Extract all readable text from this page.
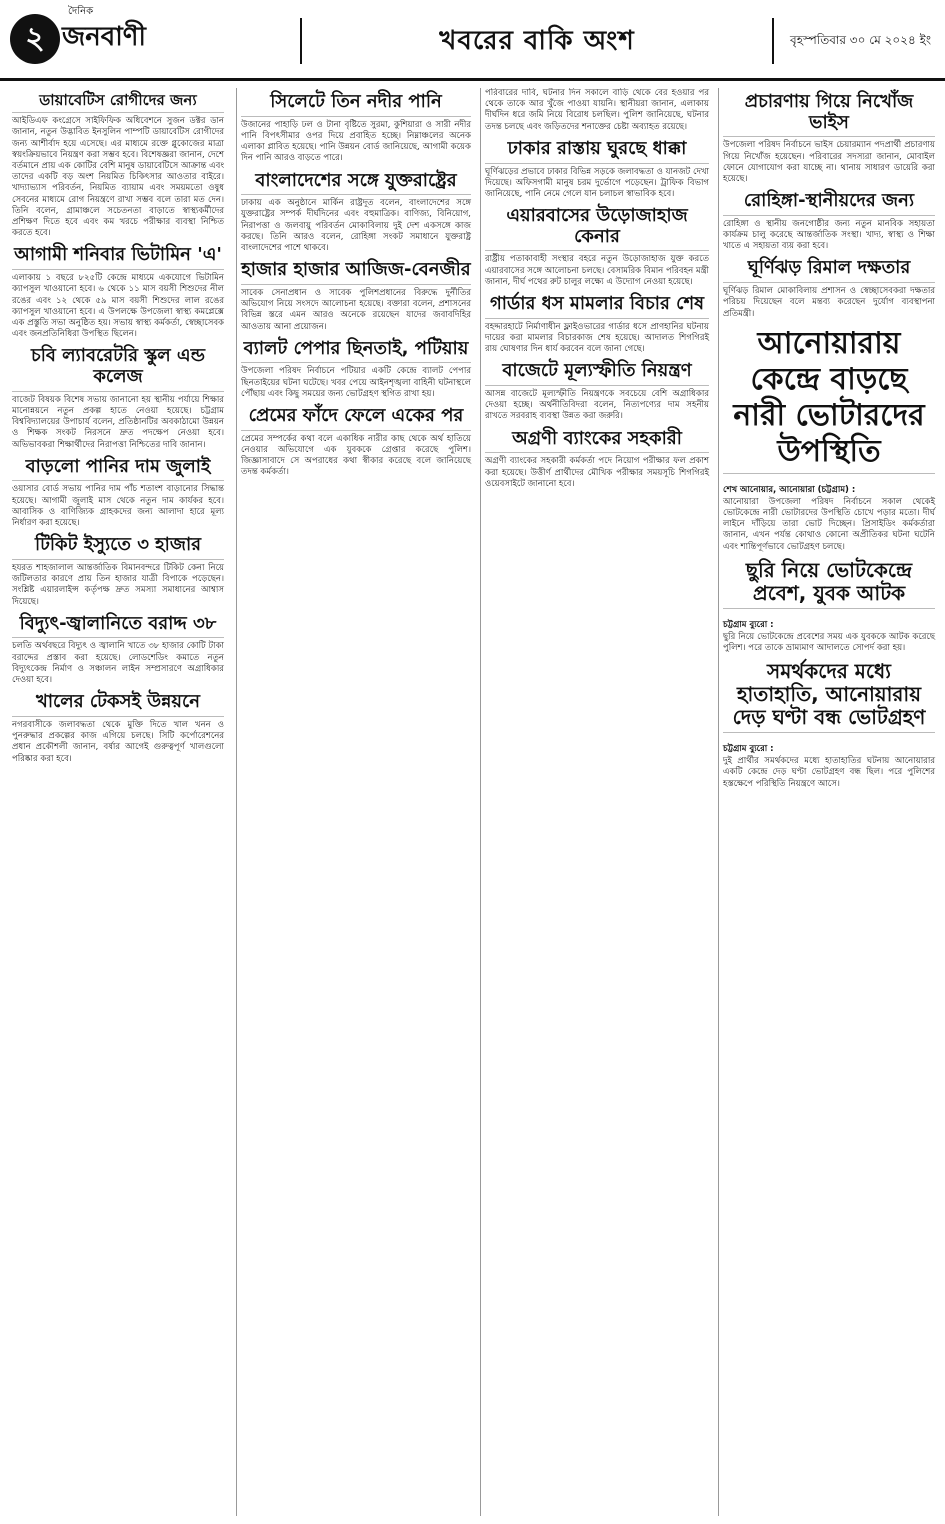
২
দৈনিক
জনবাণী	খবরের বাকি অংশ	বৃহস্পতিবার ৩০ মে ২০২৪ ইং
ডায়াবেটিস রোগীদের জন্য

আইডিএফ কংগ্রেসে সাইফিফিক অধিবেশনে সুজন ডক্টর ডান জানান, নতুন উদ্ভাবিত ইনসুলিন পাম্পটি ডায়াবেটিস রোগীদের জন্য আশীর্বাদ হয়ে এসেছে। এর মাধ্যমে রক্তে গ্লুকোজের মাত্রা স্বয়ংক্রিয়ভাবে নিয়ন্ত্রণ করা সম্ভব হবে। বিশেষজ্ঞরা জানান, দেশে বর্তমানে প্রায় এক কোটির বেশি মানুষ ডায়াবেটিসে আক্রান্ত এবং তাদের একটি বড় অংশ নিয়মিত চিকিৎসার আওতার বাইরে। খাদ্যাভ্যাস পরিবর্তন, নিয়মিত ব্যায়াম এবং সময়মতো ওষুধ সেবনের মাধ্যমে রোগ নিয়ন্ত্রণে রাখা সম্ভব বলে তারা মত দেন। তিনি বলেন, গ্রামাঞ্চলে সচেতনতা বাড়াতে স্বাস্থ্যকর্মীদের প্রশিক্ষণ দিতে হবে এবং কম খরচে পরীক্ষার ব্যবস্থা নিশ্চিত করতে হবে।

আগামী শনিবার ভিটামিন 'এ'

এলাকায় ১ বছরে ৮২৫টি কেন্দ্রে মাধ্যমে একযোগে ভিটামিন ক্যাপসুল খাওয়ানো হবে। ৬ থেকে ১১ মাস বয়সী শিশুদের নীল রঙের এবং ১২ থেকে ৫৯ মাস বয়সী শিশুদের লাল রঙের ক্যাপসুল খাওয়ানো হবে। এ উপলক্ষে উপজেলা স্বাস্থ্য কমপ্লেক্সে এক প্রস্তুতি সভা অনুষ্ঠিত হয়। সভায় স্বাস্থ্য কর্মকর্তা, স্বেচ্ছাসেবক এবং জনপ্রতিনিধিরা উপস্থিত ছিলেন।

চবি ল্যাবরেটরি স্কুল এন্ড কলেজ

বাজেট বিষয়ক বিশেষ সভায় জানানো হয় স্থানীয় পর্যায়ে শিক্ষার মানোন্নয়নে নতুন প্রকল্প হাতে নেওয়া হয়েছে। চট্টগ্রাম বিশ্ববিদ্যালয়ের উপাচার্য বলেন, প্রতিষ্ঠানটির অবকাঠামো উন্নয়ন ও শিক্ষক সংকট নিরসনে দ্রুত পদক্ষেপ নেওয়া হবে। অভিভাবকরা শিক্ষার্থীদের নিরাপত্তা নিশ্চিতের দাবি জানান।

বাড়লো পানির দাম জুলাই

ওয়াসার বোর্ড সভায় পানির দাম পাঁচ শতাংশ বাড়ানোর সিদ্ধান্ত হয়েছে। আগামী জুলাই মাস থেকে নতুন দাম কার্যকর হবে। আবাসিক ও বাণিজ্যিক গ্রাহকদের জন্য আলাদা হারে মূল্য নির্ধারণ করা হয়েছে।

টিকিট ইস্যুতে ৩ হাজার

হযরত শাহজালাল আন্তর্জাতিক বিমানবন্দরে টিকিট কেনা নিয়ে জটিলতার কারণে প্রায় তিন হাজার যাত্রী বিপাকে পড়েছেন। সংশ্লিষ্ট এয়ারলাইন্স কর্তৃপক্ষ দ্রুত সমস্যা সমাধানের আশ্বাস দিয়েছে।

বিদ্যুৎ-জ্বালানিতে বরাদ্দ ৩৮

চলতি অর্থবছরে বিদ্যুৎ ও জ্বালানি খাতে ৩৮ হাজার কোটি টাকা বরাদ্দের প্রস্তাব করা হয়েছে। লোডশেডিং কমাতে নতুন বিদ্যুৎকেন্দ্র নির্মাণ ও সঞ্চালন লাইন সম্প্রসারণে অগ্রাধিকার দেওয়া হবে।

খালের টেকসই উন্নয়নে

নগরবাসীকে জলাবদ্ধতা থেকে মুক্তি দিতে খাল খনন ও পুনরুদ্ধার প্রকল্পের কাজ এগিয়ে চলছে। সিটি কর্পোরেশনের প্রধান প্রকৌশলী জানান, বর্ষার আগেই গুরুত্বপূর্ণ খালগুলো পরিষ্কার করা হবে।

সিলেটে তিন নদীর পানি

উজানের পাহাড়ি ঢল ও টানা বৃষ্টিতে সুরমা, কুশিয়ারা ও সারী নদীর পানি বিপৎসীমার ওপর দিয়ে প্রবাহিত হচ্ছে। নিম্নাঞ্চলের অনেক এলাকা প্লাবিত হয়েছে। পানি উন্নয়ন বোর্ড জানিয়েছে, আগামী কয়েক দিন পানি আরও বাড়তে পারে।

বাংলাদেশের সঙ্গে যুক্তরাষ্ট্রের

ঢাকায় এক অনুষ্ঠানে মার্কিন রাষ্ট্রদূত বলেন, বাংলাদেশের সঙ্গে যুক্তরাষ্ট্রের সম্পর্ক দীর্ঘদিনের এবং বহুমাত্রিক। বাণিজ্য, বিনিয়োগ, নিরাপত্তা ও জলবায়ু পরিবর্তন মোকাবিলায় দুই দেশ একসঙ্গে কাজ করছে। তিনি আরও বলেন, রোহিঙ্গা সংকট সমাধানে যুক্তরাষ্ট্র বাংলাদেশের পাশে থাকবে।

হাজার হাজার আজিজ-বেনজীর

সাবেক সেনাপ্রধান ও সাবেক পুলিশপ্রধানের বিরুদ্ধে দুর্নীতির অভিযোগ নিয়ে সংসদে আলোচনা হয়েছে। বক্তারা বলেন, প্রশাসনের বিভিন্ন স্তরে এমন আরও অনেকে রয়েছেন যাদের জবাবদিহির আওতায় আনা প্রয়োজন।

ব্যালট পেপার ছিনতাই, পটিয়ায়

উপজেলা পরিষদ নির্বাচনে পটিয়ার একটি কেন্দ্রে ব্যালট পেপার ছিনতাইয়ের ঘটনা ঘটেছে। খবর পেয়ে আইনশৃঙ্খলা বাহিনী ঘটনাস্থলে পৌঁছায় এবং কিছু সময়ের জন্য ভোটগ্রহণ স্থগিত রাখা হয়।

প্রেমের ফাঁদে ফেলে একের পর

প্রেমের সম্পর্কের কথা বলে একাধিক নারীর কাছ থেকে অর্থ হাতিয়ে নেওয়ার অভিযোগে এক যুবককে গ্রেপ্তার করেছে পুলিশ। জিজ্ঞাসাবাদে সে অপরাধের কথা স্বীকার করেছে বলে জানিয়েছে তদন্ত কর্মকর্তা।

পরিবারের দাবি, ঘটনার দিন সকালে বাড়ি থেকে বের হওয়ার পর থেকে তাকে আর খুঁজে পাওয়া যায়নি। স্থানীয়রা জানান, এলাকায় দীর্ঘদিন ধরে জমি নিয়ে বিরোধ চলছিল। পুলিশ জানিয়েছে, ঘটনার তদন্ত চলছে এবং জড়িতদের শনাক্তের চেষ্টা অব্যাহত রয়েছে।

ঢাকার রাস্তায় ঘুরছে ধাক্কা

ঘূর্ণিঝড়ের প্রভাবে ঢাকার বিভিন্ন সড়কে জলাবদ্ধতা ও যানজট দেখা দিয়েছে। অফিসগামী মানুষ চরম দুর্ভোগে পড়েছেন। ট্রাফিক বিভাগ জানিয়েছে, পানি নেমে গেলে যান চলাচল স্বাভাবিক হবে।

এয়ারবাসের উড়োজাহাজ কেনার

রাষ্ট্রীয় পতাকাবাহী সংস্থার বহরে নতুন উড়োজাহাজ যুক্ত করতে এয়ারবাসের সঙ্গে আলোচনা চলছে। বেসামরিক বিমান পরিবহন মন্ত্রী জানান, দীর্ঘ পথের রুট চালুর লক্ষ্যে এ উদ্যোগ নেওয়া হয়েছে।

গার্ডার ধস মামলার বিচার শেষ

বহদ্দারহাটে নির্মাণাধীন ফ্লাইওভারের গার্ডার ধসে প্রাণহানির ঘটনায় দায়ের করা মামলার বিচারকাজ শেষ হয়েছে। আদালত শিগগিরই রায় ঘোষণার দিন ধার্য করবেন বলে জানা গেছে।

বাজেটে মূল্যস্ফীতি নিয়ন্ত্রণ

আসন্ন বাজেটে মূল্যস্ফীতি নিয়ন্ত্রণকে সবচেয়ে বেশি অগ্রাধিকার দেওয়া হচ্ছে। অর্থনীতিবিদরা বলেন, নিত্যপণ্যের দাম সহনীয় রাখতে সরবরাহ ব্যবস্থা উন্নত করা জরুরি।

অগ্রণী ব্যাংকের সহকারী

অগ্রণী ব্যাংকের সহকারী কর্মকর্তা পদে নিয়োগ পরীক্ষার ফল প্রকাশ করা হয়েছে। উত্তীর্ণ প্রার্থীদের মৌখিক পরীক্ষার সময়সূচি শিগগিরই ওয়েবসাইটে জানানো হবে।

প্রচারণায় গিয়ে নিখোঁজ ভাইস

উপজেলা পরিষদ নির্বাচনে ভাইস চেয়ারম্যান পদপ্রার্থী প্রচারণায় গিয়ে নিখোঁজ হয়েছেন। পরিবারের সদস্যরা জানান, মোবাইল ফোনে যোগাযোগ করা যাচ্ছে না। থানায় সাধারণ ডায়েরি করা হয়েছে।

রোহিঙ্গা-স্থানীয়দের জন্য

রোহিঙ্গা ও স্থানীয় জনগোষ্ঠীর জন্য নতুন মানবিক সহায়তা কার্যক্রম চালু করেছে আন্তর্জাতিক সংস্থা। খাদ্য, স্বাস্থ্য ও শিক্ষা খাতে এ সহায়তা ব্যয় করা হবে।

ঘূর্ণিঝড় রিমাল দক্ষতার

ঘূর্ণিঝড় রিমাল মোকাবিলায় প্রশাসন ও স্বেচ্ছাসেবকরা দক্ষতার পরিচয় দিয়েছেন বলে মন্তব্য করেছেন দুর্যোগ ব্যবস্থাপনা প্রতিমন্ত্রী।

আনোয়ারায় কেন্দ্রে বাড়ছে নারী ভোটারদের উপস্থিতি
শেখ আনোয়ার, আনোয়ারা (চট্টগ্রাম) :

আনোয়ারা উপজেলা পরিষদ নির্বাচনে সকাল থেকেই ভোটকেন্দ্রে নারী ভোটারদের উপস্থিতি চোখে পড়ার মতো। দীর্ঘ লাইনে দাঁড়িয়ে তারা ভোট দিচ্ছেন। প্রিসাইডিং কর্মকর্তারা জানান, এখন পর্যন্ত কোথাও কোনো অপ্রীতিকর ঘটনা ঘটেনি এবং শান্তিপূর্ণভাবে ভোটগ্রহণ চলছে।

ছুরি নিয়ে ভোটকেন্দ্রে প্রবেশ, যুবক আটক
চট্টগ্রাম ব্যুরো :

ছুরি নিয়ে ভোটকেন্দ্রে প্রবেশের সময় এক যুবককে আটক করেছে পুলিশ। পরে তাকে ভ্রাম্যমাণ আদালতে সোপর্দ করা হয়।

সমর্থকদের মধ্যে হাতাহাতি, আনোয়ারায় দেড় ঘণ্টা বন্ধ ভোটগ্রহণ
চট্টগ্রাম ব্যুরো :

দুই প্রার্থীর সমর্থকদের মধ্যে হাতাহাতির ঘটনায় আনোয়ারার একটি কেন্দ্রে দেড় ঘণ্টা ভোটগ্রহণ বন্ধ ছিল। পরে পুলিশের হস্তক্ষেপে পরিস্থিতি নিয়ন্ত্রণে আসে।
